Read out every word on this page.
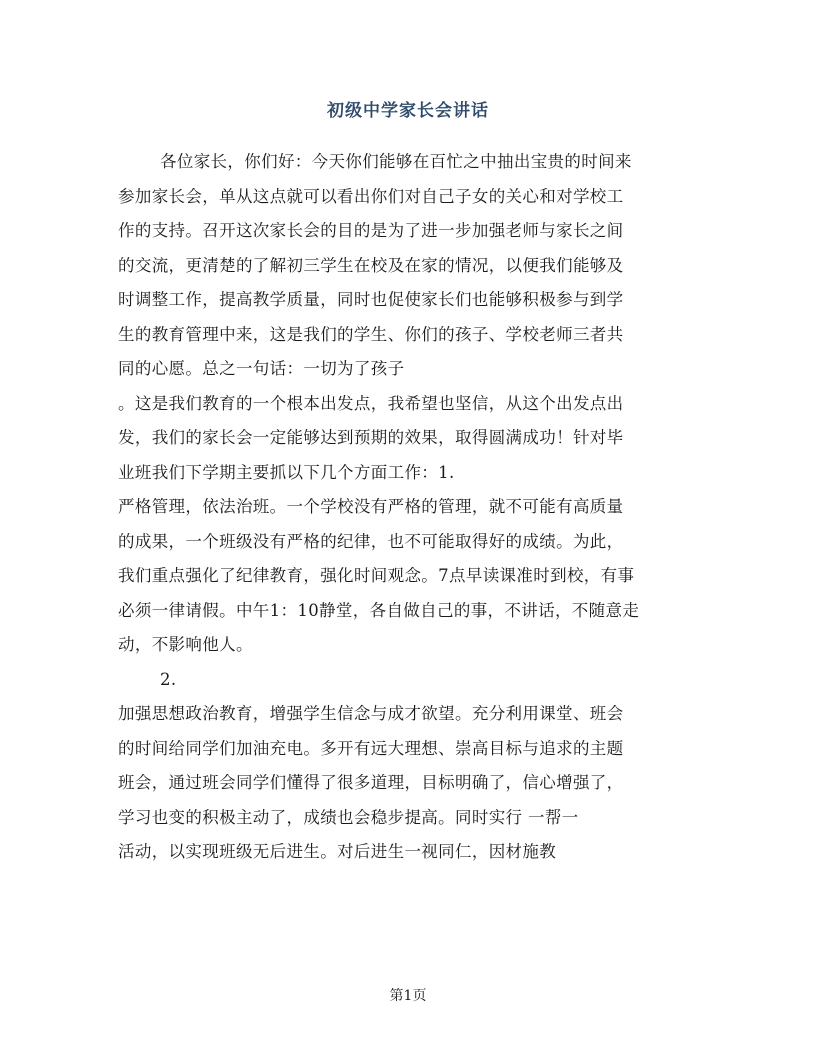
初级中学家长会讲话
各位家长，你们好：今天你们能够在百忙之中抽出宝贵的时间来
参加家长会，单从这点就可以看出你们对自己子女的关心和对学校工
作的支持。召开这次家长会的目的是为了进一步加强老师与家长之间
的交流，更清楚的了解初三学生在校及在家的情况，以便我们能够及
时调整工作，提高教学质量，同时也促使家长们也能够积极参与到学
生的教育管理中来，这是我们的学生、你们的孩子、学校老师三者共
同的心愿。总之一句话：一切为了孩子
。这是我们教育的一个根本出发点，我希望也坚信，从这个出发点出
发，我们的家长会一定能够达到预期的效果，取得圆满成功！针对毕
业班我们下学期主要抓以下几个方面工作：1.
严格管理，依法治班。一个学校没有严格的管理，就不可能有高质量
的成果，一个班级没有严格的纪律，也不可能取得好的成绩。为此，
我们重点强化了纪律教育，强化时间观念。7点早读课准时到校，有事
必须一律请假。中午1：10静堂，各自做自己的事，不讲话，不随意走
动，不影响他人。
2.
加强思想政治教育，增强学生信念与成才欲望。充分利用课堂、班会
的时间给同学们加油充电。多开有远大理想、崇高目标与追求的主题
班会，通过班会同学们懂得了很多道理，目标明确了，信心增强了，
学习也变的积极主动了，成绩也会稳步提高。同时实行 一帮一
活动，以实现班级无后进生。对后进生一视同仁，因材施教
第1页
